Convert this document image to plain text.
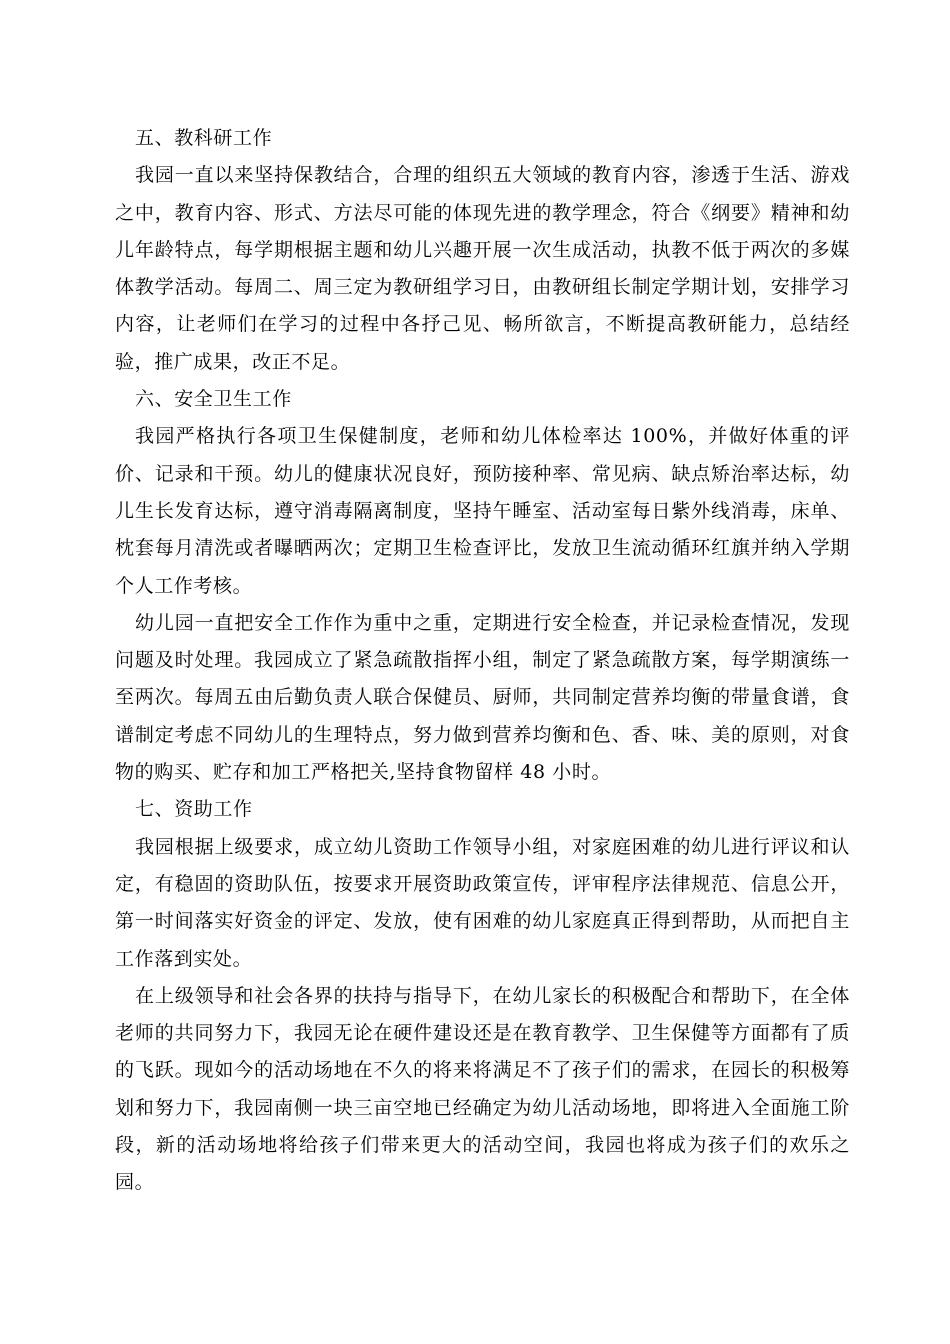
五、教科研工作

我园一直以来坚持保教结合，合理的组织五大领域的教育内容，渗透于生活、游戏之中，教育内容、形式、方法尽可能的体现先进的教学理念，符合《纲要》精神和幼儿年龄特点，每学期根据主题和幼儿兴趣开展一次生成活动，执教不低于两次的多媒体教学活动。每周二、周三定为教研组学习日，由教研组长制定学期计划，安排学习内容，让老师们在学习的过程中各抒己见、畅所欲言，不断提高教研能力，总结经验，推广成果，改正不足。

六、安全卫生工作

我园严格执行各项卫生保健制度，老师和幼儿体检率达 100%，并做好体重的评价、记录和干预。幼儿的健康状况良好，预防接种率、常见病、缺点矫治率达标，幼儿生长发育达标，遵守消毒隔离制度，坚持午睡室、活动室每日紫外线消毒，床单、枕套每月清洗或者曝晒两次；定期卫生检查评比，发放卫生流动循环红旗并纳入学期个人工作考核。

幼儿园一直把安全工作作为重中之重，定期进行安全检查，并记录检查情况，发现问题及时处理。我园成立了紧急疏散指挥小组，制定了紧急疏散方案，每学期演练一至两次。每周五由后勤负责人联合保健员、厨师，共同制定营养均衡的带量食谱，食谱制定考虑不同幼儿的生理特点，努力做到营养均衡和色、香、味、美的原则，对食物的购买、贮存和加工严格把关,坚持食物留样 48 小时。

七、资助工作

我园根据上级要求，成立幼儿资助工作领导小组，对家庭困难的幼儿进行评议和认定，有稳固的资助队伍，按要求开展资助政策宣传，评审程序法律规范、信息公开，第一时间落实好资金的评定、发放，使有困难的幼儿家庭真正得到帮助，从而把自主工作落到实处。

在上级领导和社会各界的扶持与指导下，在幼儿家长的积极配合和帮助下，在全体老师的共同努力下，我园无论在硬件建设还是在教育教学、卫生保健等方面都有了质的飞跃。现如今的活动场地在不久的将来将满足不了孩子们的需求，在园长的积极筹划和努力下，我园南侧一块三亩空地已经确定为幼儿活动场地，即将进入全面施工阶段，新的活动场地将给孩子们带来更大的活动空间，我园也将成为孩子们的欢乐之园。
